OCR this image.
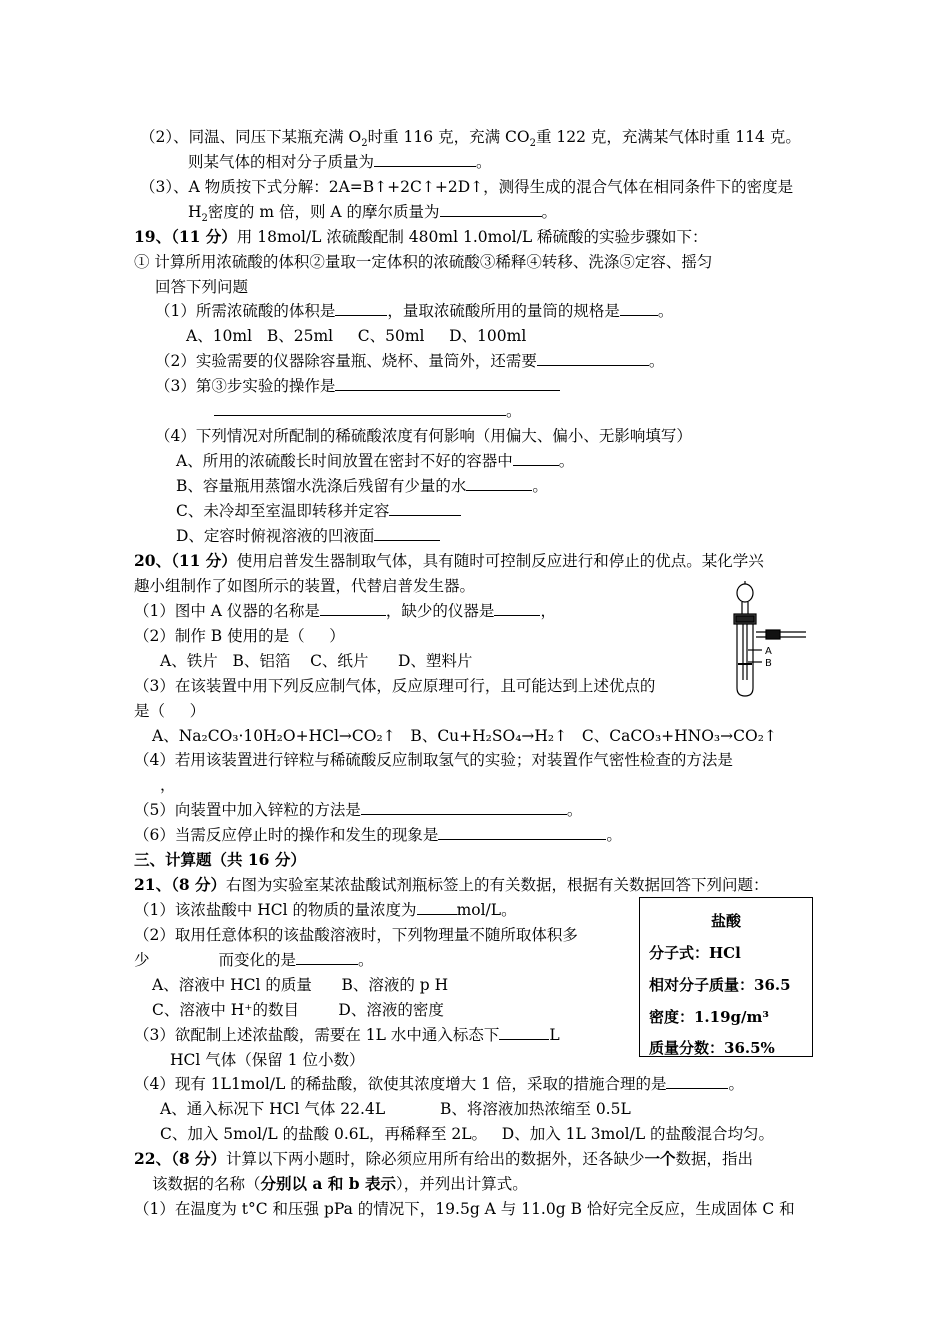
（2）、同温、同压下某瓶充满 $O_2$时重 116 克，充满 $CO_2$重 122 克，充满某气体时重 114 克。
则某气体的相对分子质量为	。
（3）、A 物质按下式分解：2A=B↑+2C↑+2D↑，测得生成的混合气体在相同条件下的密度是
$H_2$密度的 m 倍，则 A 的摩尔质量为	。
19、（11 分）用 18mol/L 浓硫酸配制 480ml 1.0mol/L 稀硫酸的实验步骤如下：
① 计算所用浓硫酸的体积②量取一定体积的浓硫酸③稀释④转移、洗涤⑤定容、摇匀
回答下列问题
（1）所需浓硫酸的体积是	，量取浓硫酸所用的量筒的规格是 。
A、10ml   B、25ml     C、50ml     D、100ml
（2）实验需要的仪器除容量瓶、烧杯、量筒外，还需要	。
（3）第③步实验的操作是
。
（4）下列情况对所配制的稀硫酸浓度有何影响（用偏大、偏小、无影响填写）
A、所用的浓硫酸长时间放置在密封不好的容器中	。
B、容量瓶用蒸馏水洗涤后残留有少量的水	。
C、未冷却至室温即转移并定容
D、定容时俯视溶液的凹液面
20、（11 分）使用启普发生器制取气体，具有随时可控制反应进行和停止的优点。某化学兴
趣小组制作了如图所示的装置，代替启普发生器。
（1）图中 A 仪器的名称是	，缺少的仪器是	，
（2）制作 B 使用的是（     ）
A、铁片   B、铝箔    C、纸片      D、塑料片
（3）在该装置中用下列反应制气体，反应原理可行，且可能达到上述优点的
是（     ）
A、Na₂CO₃·10H₂O+HCl→CO₂↑   B、Cu+H₂SO₄→H₂↑   C、CaCO₃+HNO₃→CO₂↑
（4）若用该装置进行锌粒与稀硫酸反应制取氢气的实验；对装置作气密性检查的方法是
，
（5）向装置中加入锌粒的方法是	。
（6）当需反应停止时的操作和发生的现象是	。
A
B
三、计算题（共 16 分）
21、（8 分）右图为实验室某浓盐酸试剂瓶标签上的有关数据，根据有关数据回答下列问题：
（1）该浓盐酸中 HCl 的物质的量浓度为	mol/L。
（2）取用任意体积的该盐酸溶液时，下列物理量不随所取体积多
少              而变化的是	。
A、溶液中 HCl 的质量      B、溶液的 p H
C、溶液中 H⁺的数目        D、溶液的密度
（3）欲配制上述浓盐酸，需要在 1L 水中通入标态下	L
HCl 气体（保留 1 位小数）
（4）现有 1L1mol/L 的稀盐酸，欲使其浓度增大 1 倍，采取的措施合理的是	。
A、通入标况下 HCl 气体 22.4L	B、将溶液加热浓缩至 0.5L
C、加入 5mol/L 的盐酸 0.6L，再稀释至 2L。   D、加入 1L 3mol/L 的盐酸混合均匀。
盐酸
分子式：HCl
相对分子质量：36.5
密度：1.19g/m³
质量分数：36.5%
22、（8 分）计算以下两小题时，除必须应用所有给出的数据外，还各缺少一个数据，指出
该数据的名称（分别以 a 和 b 表示），并列出计算式。
（1）在温度为 t°C 和压强 pPa 的情况下，19.5g A 与 11.0g B 恰好完全反应，生成固体 C 和
